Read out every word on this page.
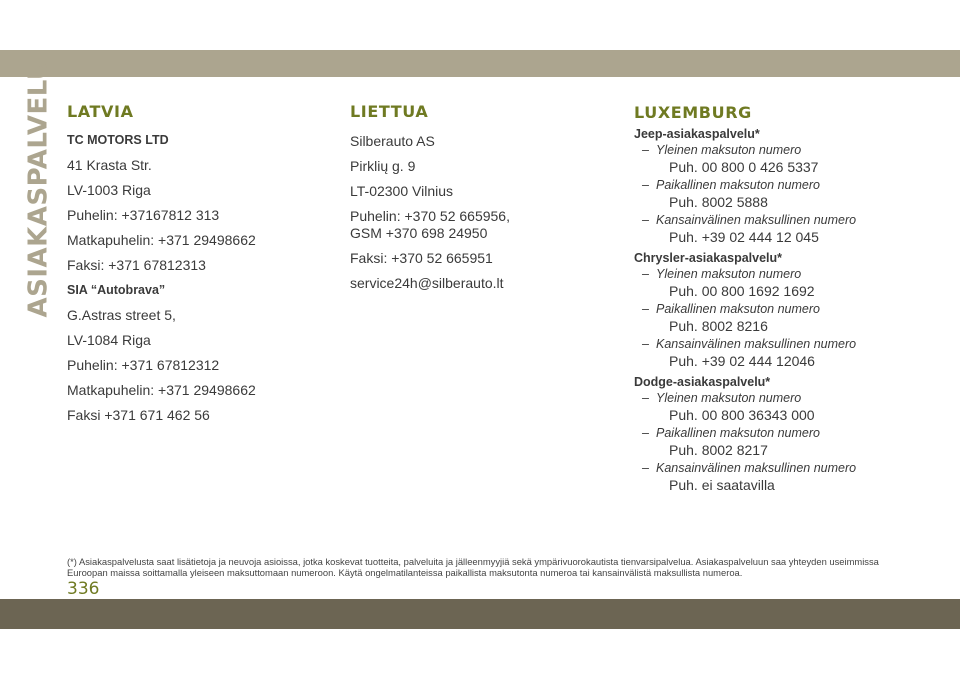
ASIAKASPALVELU LATVIA
TC MOTORS LTD
41 Krasta Str.
LV-1003 Riga
Puhelin: +37167812 313
Matkapuhelin: +371 29498662
Faksi: +371 67812313
SIA “Autobrava”
G.Astras street 5,
LV-1084 Riga
Puhelin: +371 67812312
Matkapuhelin: +371 29498662
Faksi +371 671 462 56
LIETTUA
Silberauto AS
Pirklių g. 9
LT-02300 Vilnius
Puhelin: +370 52 665956,
GSM +370 698 24950
Faksi: +370 52 665951
service24h@silberauto.lt
LUXEMBURG
Jeep-asiakaspalvelu*
– Yleinen maksuton numero
Puh. 00 800 0 426 5337
– Paikallinen maksuton numero
Puh. 8002 5888
– Kansainvälinen maksullinen numero
Puh. +39 02 444 12 045
Chrysler-asiakaspalvelu*
– Yleinen maksuton numero
Puh. 00 800 1692 1692
– Paikallinen maksuton numero
Puh. 8002 8216
– Kansainvälinen maksullinen numero
Puh. +39 02 444 12046
Dodge-asiakaspalvelu*
– Yleinen maksuton numero
Puh. 00 800 36343 000
– Paikallinen maksuton numero
Puh. 8002 8217
– Kansainvälinen maksullinen numero
Puh. ei saatavilla
(*) Asiakaspalvelusta saat lisätietoja ja neuvoja asioissa, jotka koskevat tuotteita, palveluita ja jälleenmyyjiä sekä ympärivuorokautista tienvarsipalvelua. Asiakaspalveluun saa yhteyden useimmissa Euroopan maissa soittamalla yleiseen maksuttomaan numeroon. Käytä ongelmatilanteissa paikallista maksutonta numeroa tai kansainvälistä maksullista numeroa.
336
